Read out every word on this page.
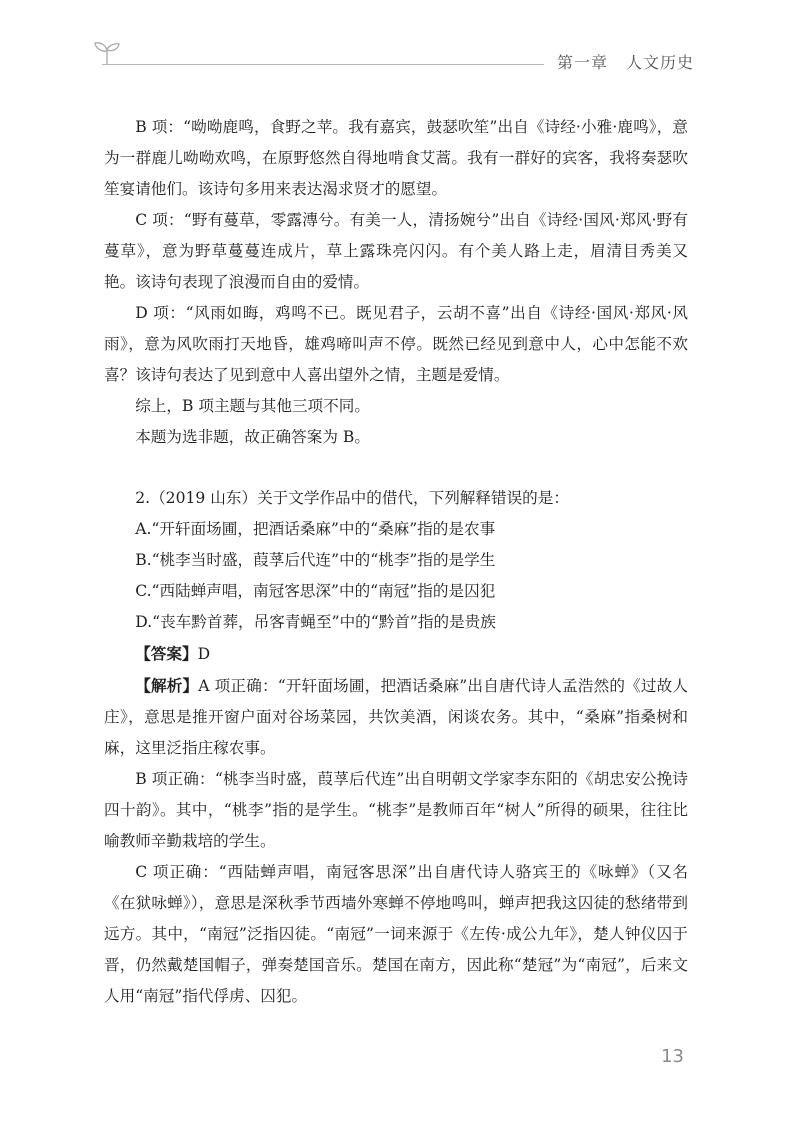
第一章 人文历史

B 项：“呦呦鹿鸣，食野之苹。我有嘉宾，鼓瑟吹笙”出自《诗经·小雅·鹿鸣》，意为一群鹿儿呦呦欢鸣，在原野悠然自得地啃食艾蒿。我有一群好的宾客，我将奏瑟吹笙宴请他们。该诗句多用来表达渴求贤才的愿望。

C 项：“野有蔓草，零露漙兮。有美一人，清扬婉兮”出自《诗经·国风·郑风·野有蔓草》，意为野草蔓蔓连成片，草上露珠亮闪闪。有个美人路上走，眉清目秀美又艳。该诗句表现了浪漫而自由的爱情。

D 项：“风雨如晦，鸡鸣不已。既见君子，云胡不喜”出自《诗经·国风·郑风·风雨》，意为风吹雨打天地昏，雄鸡啼叫声不停。既然已经见到意中人，心中怎能不欢喜？该诗句表达了见到意中人喜出望外之情，主题是爱情。

综上，B 项主题与其他三项不同。

本题为选非题，故正确答案为 B。

2.（2019 山东）关于文学作品中的借代，下列解释错误的是：

A.“开轩面场圃，把酒话桑麻”中的“桑麻”指的是农事

B.“桃李当时盛，葭莩后代连”中的“桃李”指的是学生

C.“西陆蝉声唱，南冠客思深”中的“南冠”指的是囚犯

D.“丧车黔首葬，吊客青蝇至”中的“黔首”指的是贵族

【答案】D

【解析】A 项正确：“开轩面场圃，把酒话桑麻”出自唐代诗人孟浩然的《过故人庄》，意思是推开窗户面对谷场菜园，共饮美酒，闲谈农务。其中，“桑麻”指桑树和麻，这里泛指庄稼农事。

B 项正确：“桃李当时盛，葭莩后代连”出自明朝文学家李东阳的《胡忠安公挽诗四十韵》。其中，“桃李”指的是学生。“桃李”是教师百年“树人”所得的硕果，往往比喻教师辛勤栽培的学生。

C 项正确：“西陆蝉声唱，南冠客思深”出自唐代诗人骆宾王的《咏蝉》（又名《在狱咏蝉》），意思是深秋季节西墙外寒蝉不停地鸣叫，蝉声把我这囚徒的愁绪带到远方。其中，“南冠”泛指囚徒。“南冠”一词来源于《左传·成公九年》，楚人钟仪囚于晋，仍然戴楚国帽子，弹奏楚国音乐。楚国在南方，因此称“楚冠”为“南冠”，后来文人用“南冠”指代俘虏、囚犯。

13
